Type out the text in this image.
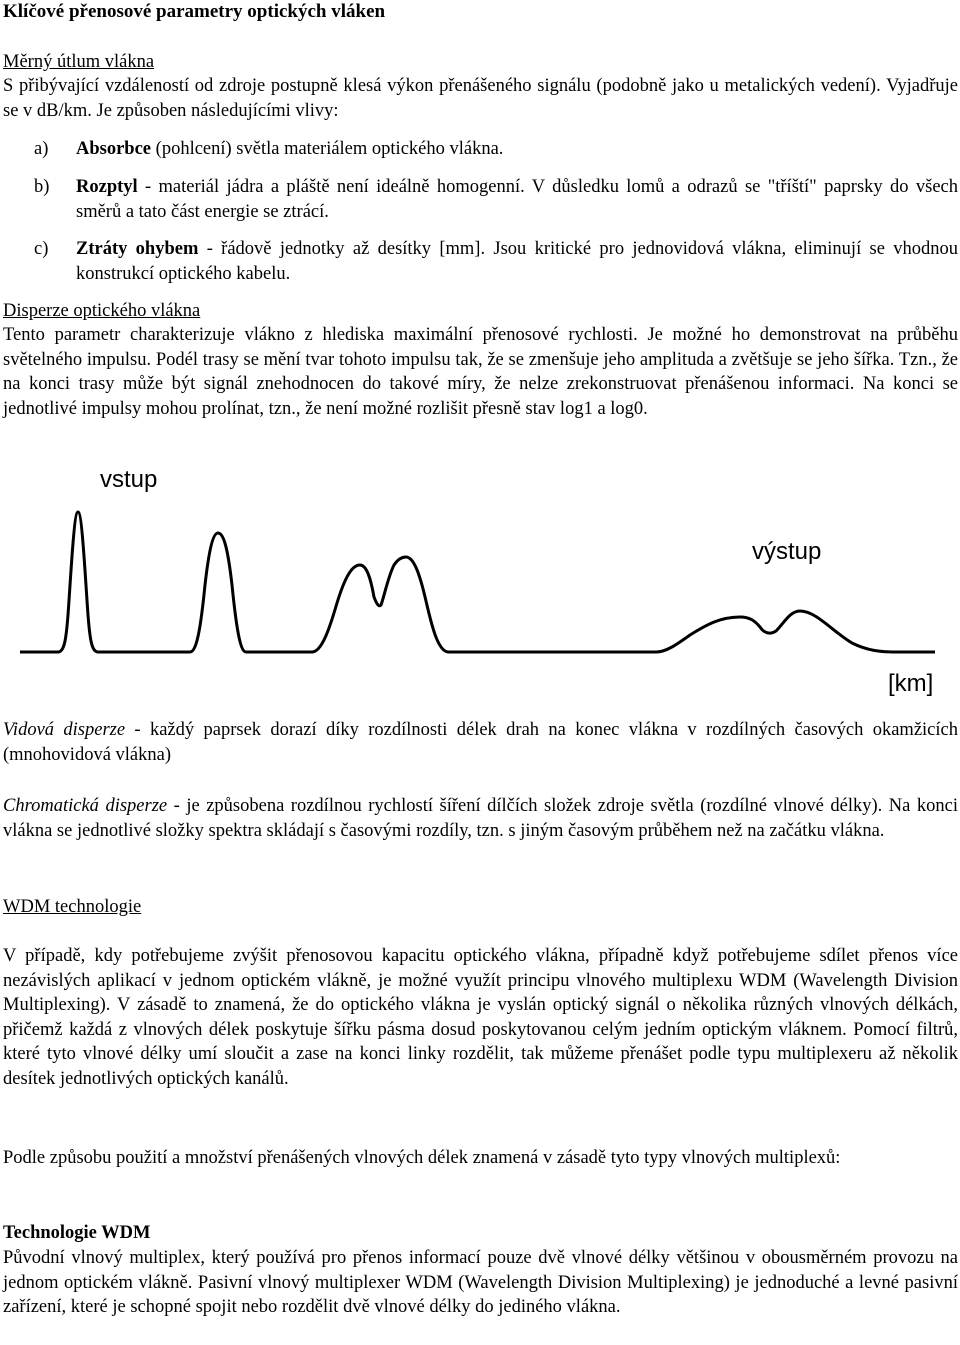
Klíčové přenosové parametry optických vláken
Měrný útlum vlákna

S přibývající vzdáleností od zdroje postupně klesá výkon přenášeného signálu (podobně jako u metalických vedení). Vyjadřuje se v dB/km. Je způsoben následujícími vlivy:

a) Absorbce (pohlcení) světla materiálem optického vlákna.
b) Rozptyl - materiál jádra a pláště není ideálně homogenní. V důsledku lomů a odrazů se "tříští" paprsky do všech směrů a tato část energie se ztrácí.
c) Ztráty ohybem - řádově jednotky až desítky [mm]. Jsou kritické pro jednovidová vlákna, eliminují se vhodnou konstrukcí optického kabelu.
Disperze optického vlákna

Tento parametr charakterizuje vlákno z hlediska maximální přenosové rychlosti. Je možné ho demonstrovat na průběhu světelného impulsu. Podél trasy se mění tvar tohoto impulsu tak, že se zmenšuje jeho amplituda a zvětšuje se jeho šířka. Tzn., že na konci trasy může být signál znehodnocen do takové míry, že nelze zrekonstruovat přenášenou informaci. Na konci se jednotlivé impulsy mohou prolínat, tzn., že není možné rozlišit přesně stav log1 a log0.

vstup
výstup
[km]

Vidová disperze - každý paprsek dorazí díky rozdílnosti délek drah na konec vlákna v rozdílných časových okamžicích (mnohovidová vlákna)

Chromatická disperze - je způsobena rozdílnou rychlostí šíření dílčích složek zdroje světla (rozdílné vlnové délky). Na konci vlákna se jednotlivé složky spektra skládají s časovými rozdíly, tzn. s jiným časovým průběhem než na začátku vlákna.

WDM technologie

V případě, kdy potřebujeme zvýšit přenosovou kapacitu optického vlákna, případně když potřebujeme sdílet přenos více nezávislých aplikací v jednom optickém vlákně, je možné využít principu vlnového multiplexu WDM (Wavelength Division Multiplexing). V zásadě to znamená, že do optického vlákna je vyslán optický signál o několika různých vlnových délkách, přičemž každá z vlnových délek poskytuje šířku pásma dosud poskytovanou celým jedním optickým vláknem. Pomocí filtrů, které tyto vlnové délky umí sloučit a zase na konci linky rozdělit, tak můžeme přenášet podle typu multiplexeru až několik desítek jednotlivých optických kanálů.

Podle způsobu použití a množství přenášených vlnových délek znamená v zásadě tyto typy vlnových multiplexů:

Technologie WDM

Původní vlnový multiplex, který používá pro přenos informací pouze dvě vlnové délky většinou v obousměrném provozu na jednom optickém vlákně. Pasivní vlnový multiplexer WDM (Wavelength Division Multiplexing) je jednoduché a levné pasivní zařízení, které je schopné spojit nebo rozdělit dvě vlnové délky do jediného vlákna.
